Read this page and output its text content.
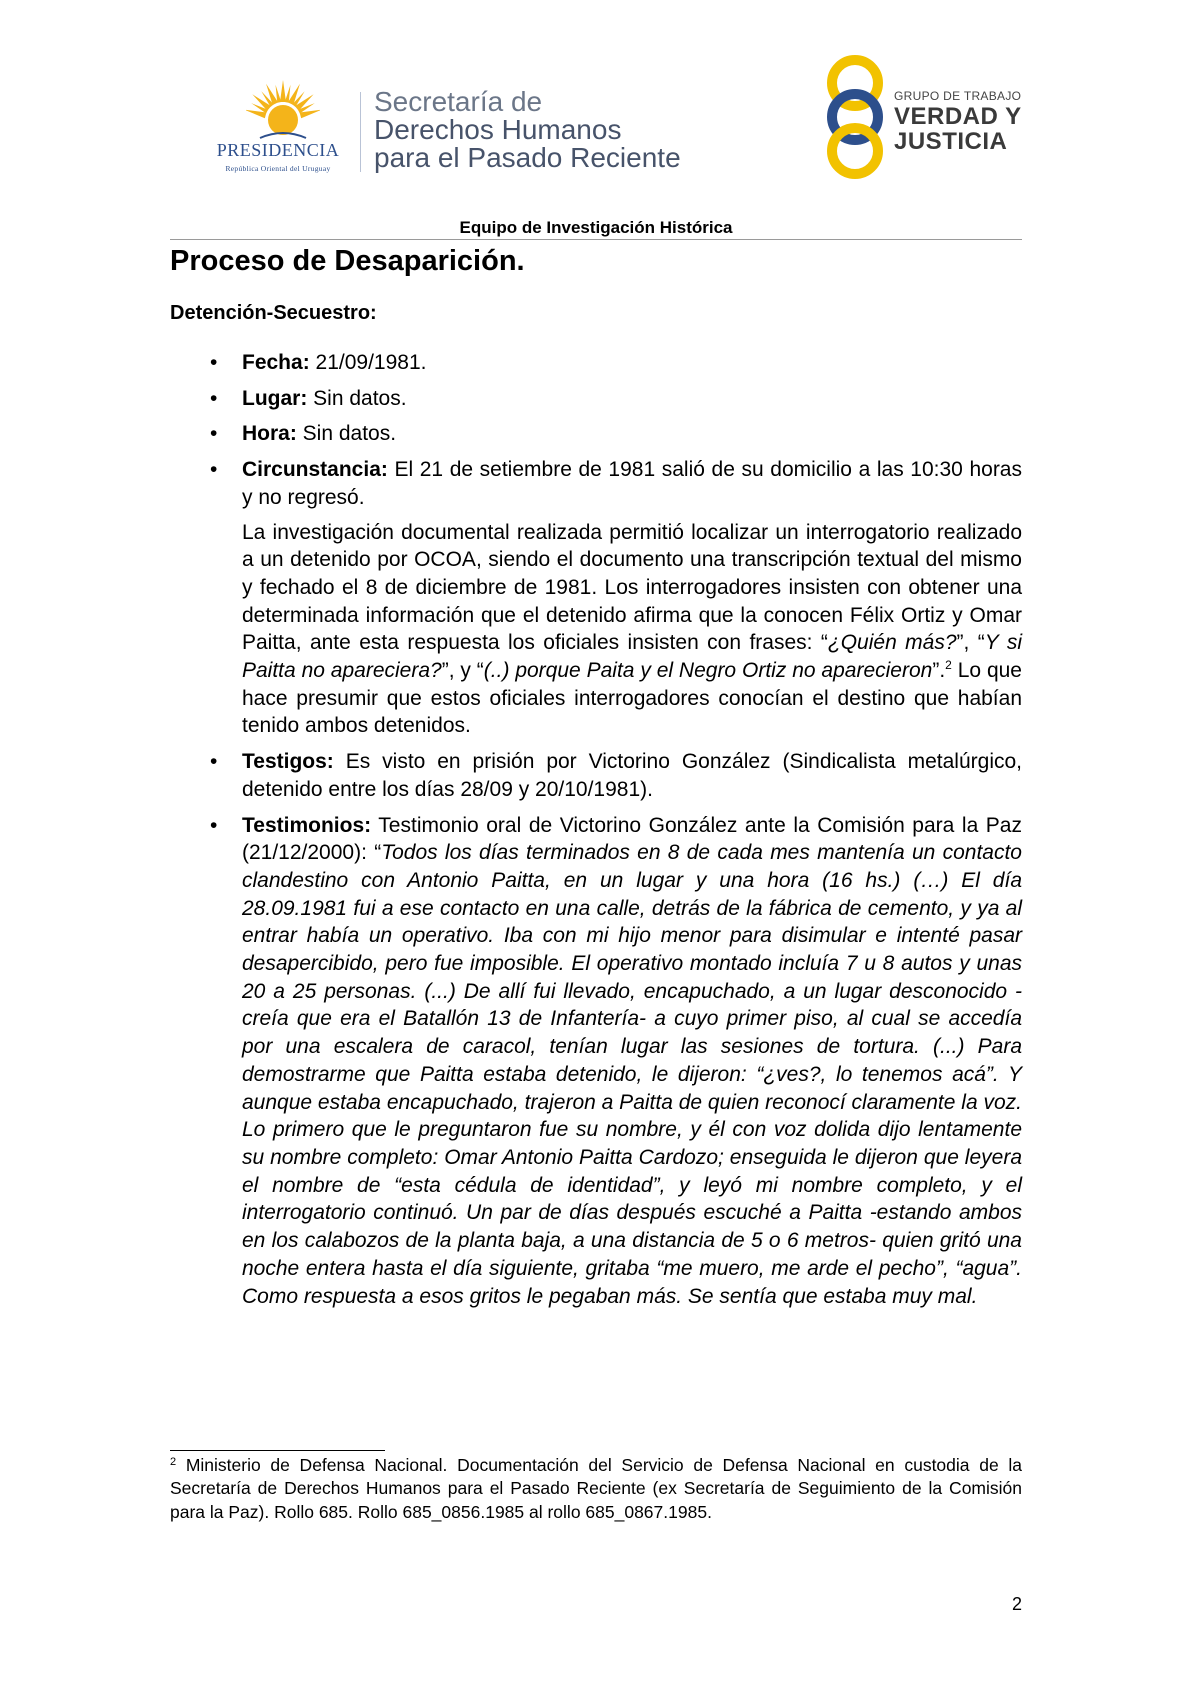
PRESIDENCIA
República Oriental del Uruguay
Secretaría de
Derechos Humanos
para el Pasado Reciente
GRUPO DE TRABAJO
VERDAD Y
JUSTICIA
Equipo de Investigación Histórica
Proceso de Desaparición.
Detención-Secuestro:
• Fecha: 21/09/1981.

• Lugar: Sin datos.

• Hora: Sin datos.

• Circunstancia: El 21 de setiembre de 1981 salió de su domicilio a las 10:30 horas y no regresó.

La investigación documental realizada permitió localizar un interrogatorio realizado a un detenido por OCOA, siendo el documento una transcripción textual del mismo y fechado el 8 de diciembre de 1981. Los interrogadores insisten con obtener una determinada información que el detenido afirma que la conocen Félix Ortiz y Omar Paitta, ante esta respuesta los oficiales insisten con frases: “¿Quién más?”, “Y si Paitta no apareciera?”, y “(..) porque Paita y el Negro Ortiz no aparecieron”.$^2$ Lo que hace presumir que estos oficiales interrogadores conocían el destino que habían tenido ambos detenidos.

• Testigos: Es visto en prisión por Victorino González (Sindicalista metalúrgico, detenido entre los días 28/09 y 20/10/1981).

• Testimonios: Testimonio oral de Victorino González ante la Comisión para la Paz (21/12/2000): “Todos los días terminados en 8 de cada mes mantenía un contacto clandestino con Antonio Paitta, en un lugar y una hora (16 hs.) (…) El día 28.09.1981 fui a ese contacto en una calle, detrás de la fábrica de cemento, y ya al entrar había un operativo. Iba con mi hijo menor para disimular e intenté pasar desapercibido, pero fue imposible. El operativo montado incluía 7 u 8 autos y unas 20 a 25 personas. (...) De allí fui llevado, encapuchado, a un lugar desconocido -creía que era el Batallón 13 de Infantería- a cuyo primer piso, al cual se accedía por una escalera de caracol, tenían lugar las sesiones de tortura. (...) Para demostrarme que Paitta estaba detenido, le dijeron: “¿ves?, lo tenemos acá”. Y aunque estaba encapuchado, trajeron a Paitta de quien reconocí claramente la voz. Lo primero que le preguntaron fue su nombre, y él con voz dolida dijo lentamente su nombre completo: Omar Antonio Paitta Cardozo; enseguida le dijeron que leyera el nombre de “esta cédula de identidad”, y leyó mi nombre completo, y el interrogatorio continuó. Un par de días después escuché a Paitta -estando ambos en los calabozos de la planta baja, a una distancia de 5 o 6 metros- quien gritó una noche entera hasta el día siguiente, gritaba “me muero, me arde el pecho”, “agua”. Como respuesta a esos gritos le pegaban más. Se sentía que estaba muy mal.

$^2$ Ministerio de Defensa Nacional. Documentación del Servicio de Defensa Nacional en custodia de la Secretaría de Derechos Humanos para el Pasado Reciente (ex Secretaría de Seguimiento de la Comisión para la Paz). Rollo 685. Rollo 685_0856.1985 al rollo 685_0867.1985.
2
